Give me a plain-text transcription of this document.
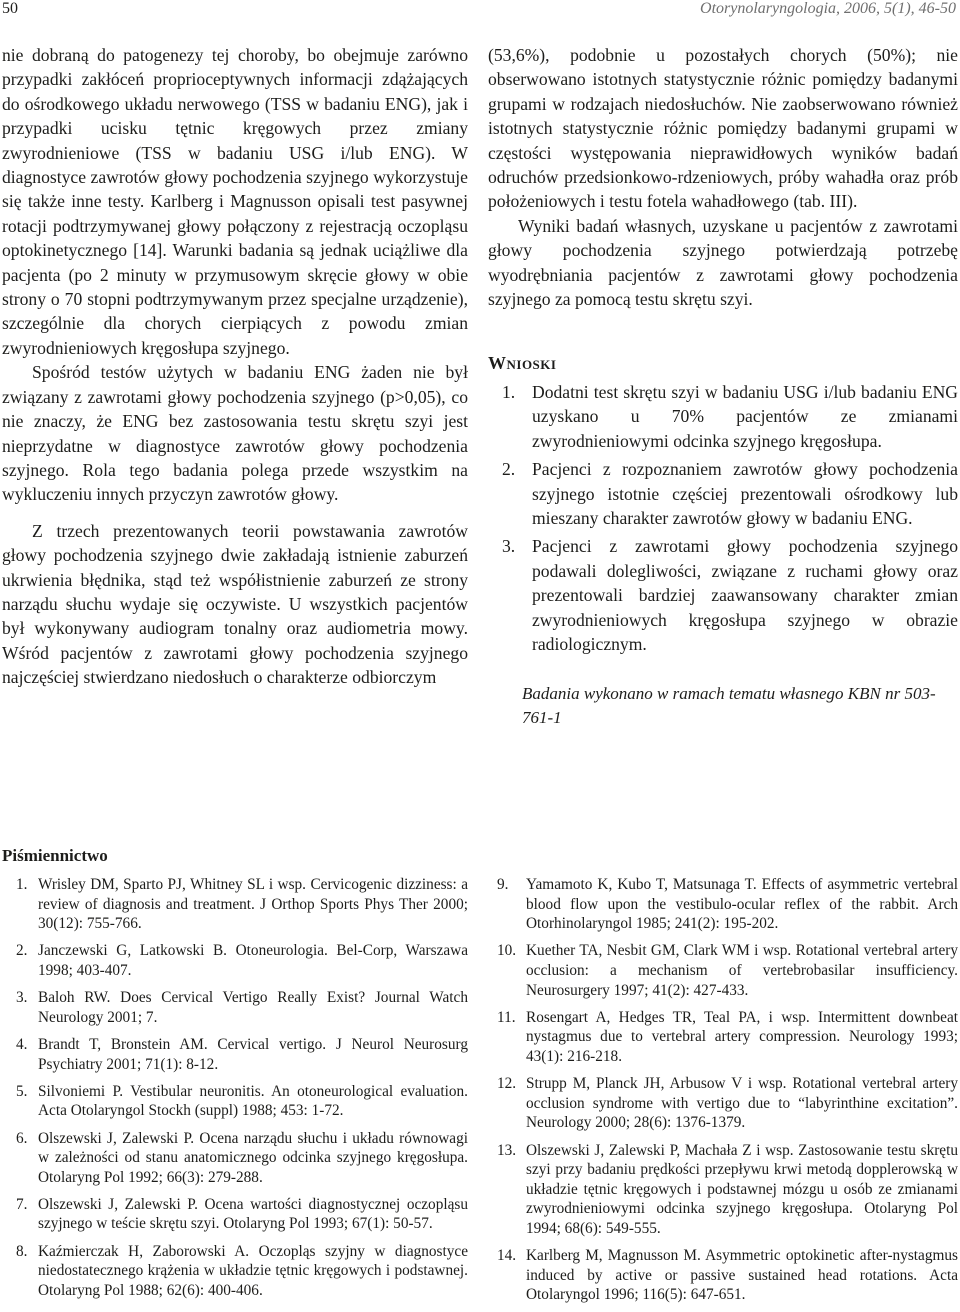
50	Otorynolaryngologia, 2006, 5(1), 46-50

nie dobraną do patogenezy tej choroby, bo obejmuje zarówno przypadki zakłóceń proprioceptywnych informacji zdążających do ośrodkowego układu nerwowego (TSS w badaniu ENG), jak i przypadki ucisku tętnic kręgowych przez zmiany zwyrodnieniowe (TSS w badaniu USG i/lub ENG). W diagnostyce zawrotów głowy pochodzenia szyjnego wykorzystuje się także inne testy. Karlberg i Magnusson opisali test pasywnej rotacji podtrzymywanej głowy połączony z rejestracją oczopląsu optokinetycznego [14]. Warunki badania są jednak uciążliwe dla pacjenta (po 2 minuty w przymusowym skręcie głowy w obie strony o 70 stopni podtrzymywanym przez specjalne urządzenie), szczególnie dla chorych cierpiących z powodu zmian zwyrodnieniowych kręgosłupa szyjnego.

Spośród testów użytych w badaniu ENG żaden nie był związany z zawrotami głowy pochodzenia szyjnego (p>0,05), co nie znaczy, że ENG bez zastosowania testu skrętu szyi jest nieprzydatne w diagnostyce zawrotów głowy pochodzenia szyjnego. Rola tego badania polega przede wszystkim na wykluczeniu innych przyczyn zawrotów głowy.

Z trzech prezentowanych teorii powstawania zawrotów głowy pochodzenia szyjnego dwie zakładają istnienie zaburzeń ukrwienia błędnika, stąd też współistnienie zaburzeń ze strony narządu słuchu wydaje się oczywiste. U wszystkich pacjentów był wykonywany audiogram tonalny oraz audiometria mowy. Wśród pacjentów z zawrotami głowy pochodzenia szyjnego najczęściej stwierdzano niedosłuch o charakterze odbiorczym

(53,6%), podobnie u pozostałych chorych (50%); nie obserwowano istotnych statystycznie różnic pomiędzy badanymi grupami w rodzajach niedosłuchów. Nie zaobserwowano również istotnych statystycznie różnic pomiędzy badanymi grupami w częstości występowania nieprawidłowych wyników badań odruchów przedsionkowo-rdzeniowych, próby wahadła oraz prób położeniowych i testu fotela wahadłowego (tab. III).

Wyniki badań własnych, uzyskane u pacjentów z zawrotami głowy pochodzenia szyjnego potwierdzają potrzebę wyodrębniania pacjentów z zawrotami głowy pochodzenia szyjnego za pomocą testu skrętu szyi.

Wnioski
1. Dodatni test skrętu szyi w badaniu USG i/lub badaniu ENG uzyskano u 70% pacjentów ze zmianami zwyrodnieniowymi odcinka szyjnego kręgosłupa.
2. Pacjenci z rozpoznaniem zawrotów głowy pochodzenia szyjnego istotnie częściej prezentowali ośrodkowy lub mieszany charakter zawrotów głowy w badaniu ENG.
3. Pacjenci z zawrotami głowy pochodzenia szyjnego podawali dolegliwości, związane z ruchami głowy oraz prezentowali bardziej zaawansowany charakter zmian zwyrodnieniowych kręgosłupa szyjnego w obrazie radiologicznym.
Badania wykonano w ramach tematu własnego KBN nr 503-761-1
Piśmiennictwo
1. Wrisley DM, Sparto PJ, Whitney SL i wsp. Cervicogenic dizziness: a review of diagnosis and treatment. J Orthop Sports Phys Ther 2000; 30(12): 755-766.
2. Janczewski G, Latkowski B. Otoneurologia. Bel-Corp, Warszawa 1998; 403-407.
3. Baloh RW. Does Cervical Vertigo Really Exist? Journal Watch Neurology 2001; 7.
4. Brandt T, Bronstein AM. Cervical vertigo. J Neurol Neurosurg Psychiatry 2001; 71(1): 8-12.
5. Silvoniemi P. Vestibular neuronitis. An otoneurological evaluation. Acta Otolaryngol Stockh (suppl) 1988; 453: 1-72.
6. Olszewski J, Zalewski P. Ocena narządu słuchu i układu równowagi w zależności od stanu anatomicznego odcinka szyjnego kręgosłupa. Otolaryng Pol 1992; 66(3): 279-288.
7. Olszewski J, Zalewski P. Ocena wartości diagnostycznej oczopląsu szyjnego w teście skrętu szyi. Otolaryng Pol 1993; 67(1): 50-57.
8. Kaźmierczak H, Zaborowski A. Oczopląs szyjny w diagnostyce niedostatecznego krążenia w układzie tętnic kręgowych i podstawnej. Otolaryng Pol 1988; 62(6): 400-406.
9. Yamamoto K, Kubo T, Matsunaga T. Effects of asymmetric vertebral blood flow upon the vestibulo-ocular reflex of the rabbit. Arch Otorhinolaryngol 1985; 241(2): 195-202.
10. Kuether TA, Nesbit GM, Clark WM i wsp. Rotational vertebral artery occlusion: a mechanism of vertebrobasilar insufficiency. Neurosurgery 1997; 41(2): 427-433.
11. Rosengart A, Hedges TR, Teal PA, i wsp. Intermittent downbeat nystagmus due to vertebral artery compression. Neurology 1993; 43(1): 216-218.
12. Strupp M, Planck JH, Arbusow V i wsp. Rotational vertebral artery occlusion syndrome with vertigo due to “labyrinthine excitation”. Neurology 2000; 28(6): 1376-1379.
13. Olszewski J, Zalewski P, Machała Z i wsp. Zastosowanie testu skrętu szyi przy badaniu prędkości przepływu krwi metodą dopplerowską w układzie tętnic kręgowych i podstawnej mózgu u osób ze zmianami zwyrodnieniowymi odcinka szyjnego kręgosłupa. Otolaryng Pol 1994; 68(6): 549-555.
14. Karlberg M, Magnusson M. Asymmetric optokinetic after-nystagmus induced by active or passive sustained head rotations. Acta Otolaryngol 1996; 116(5): 647-651.
